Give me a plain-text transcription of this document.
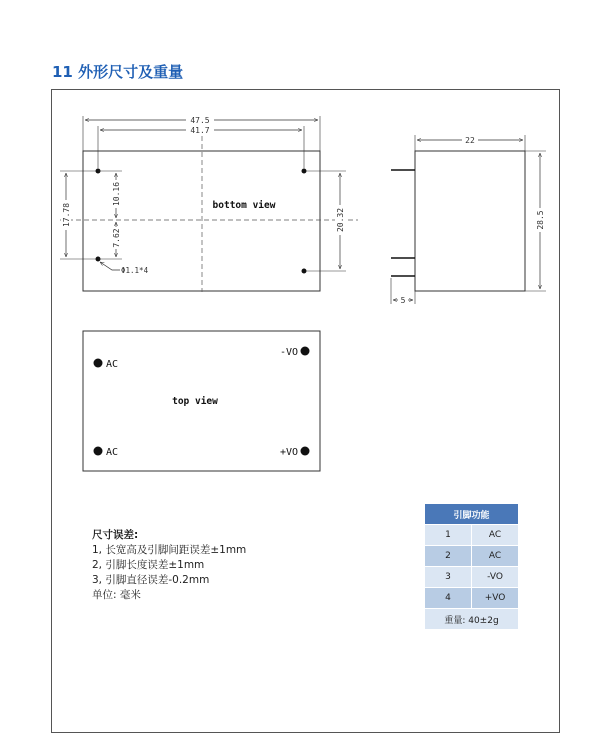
11 外形尺寸及重量
47.5
41.7
17.78
10.16
7.62
20.32
Φ1.1*4
bottom view
22
28.5
5
AC
AC
-VO
+VO
top view
尺寸误差:
1, 长宽高及引脚间距误差±1mm
2, 引脚长度误差±1mm
3, 引脚直径误差-0.2mm
单位: 毫米
引脚功能	
1	AC
2	AC
3	-VO
4	+VO
重量: 40±2g	
